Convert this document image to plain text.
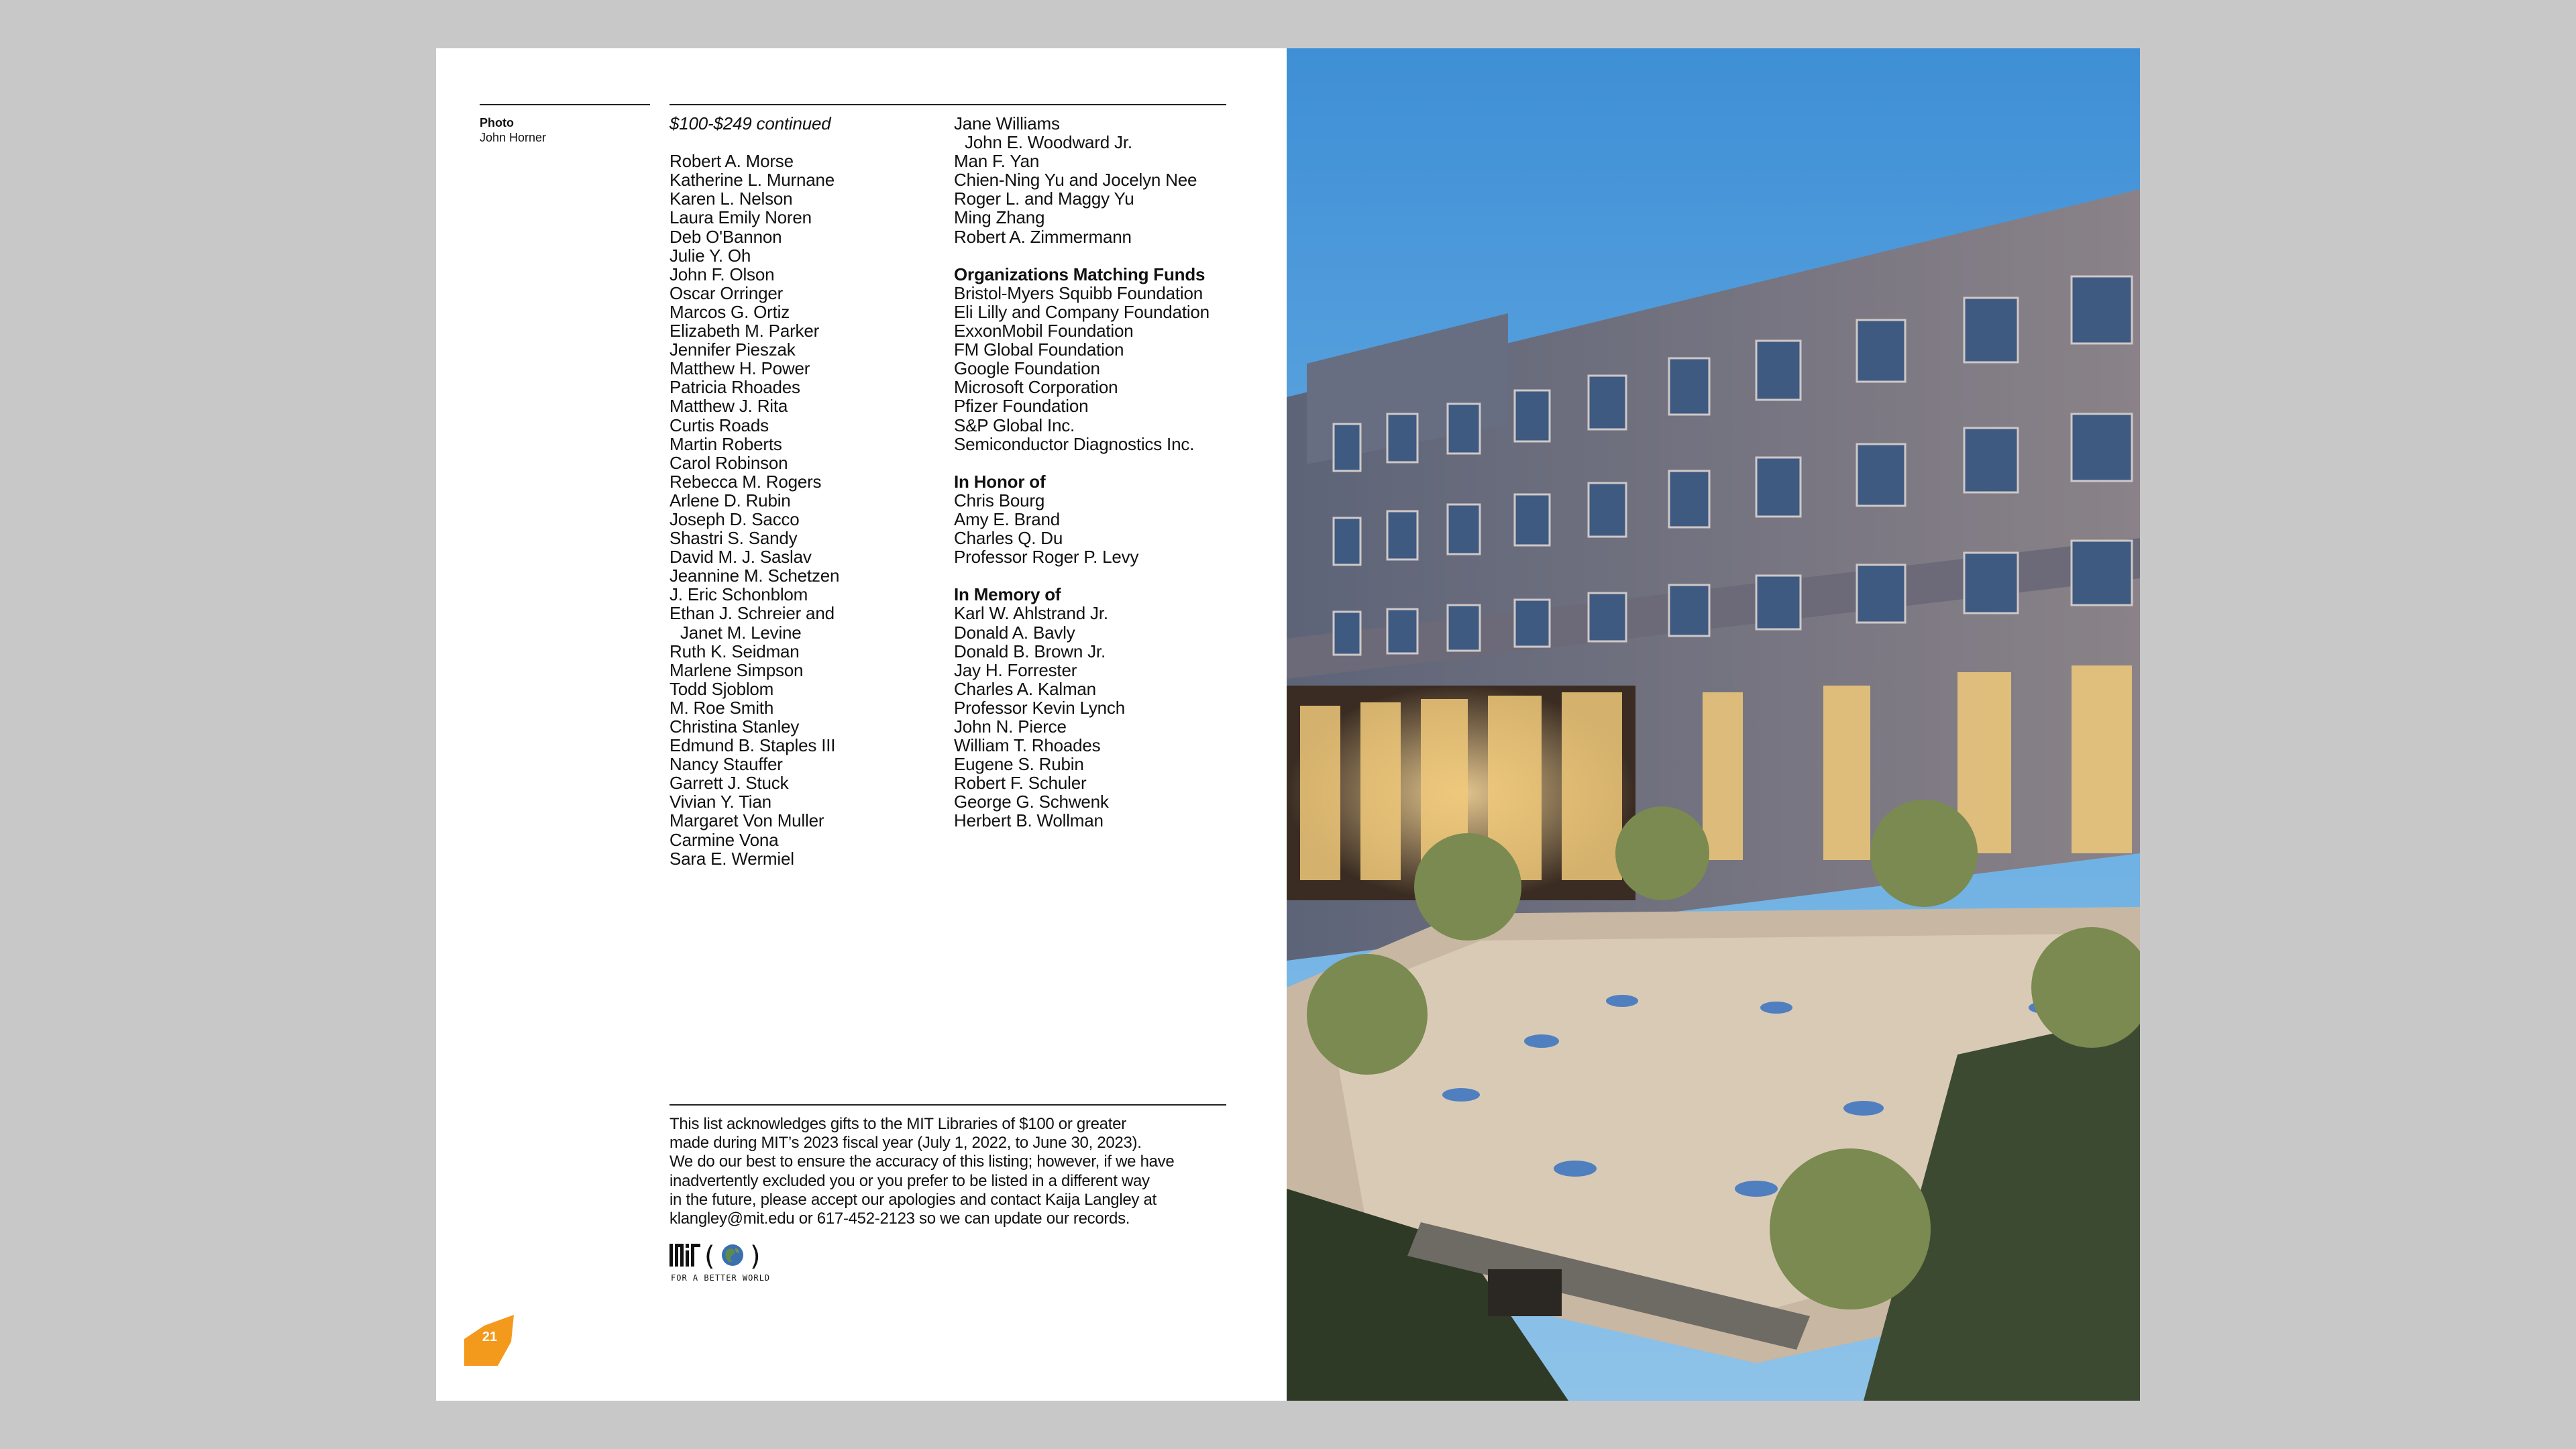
Photo
John Horner
$100-$249 continued
Robert A. Morse
Katherine L. Murnane
Karen L. Nelson
Laura Emily Noren
Deb O'Bannon
Julie Y. Oh
John F. Olson
Oscar Orringer
Marcos G. Ortiz
Elizabeth M. Parker
Jennifer Pieszak
Matthew H. Power
Patricia Rhoades
Matthew J. Rita
Curtis Roads
Martin Roberts
Carol Robinson
Rebecca M. Rogers
Arlene D. Rubin
Joseph D. Sacco
Shastri S. Sandy
David M. J. Saslav
Jeannine M. Schetzen
J. Eric Schonblom
Ethan J. Schreier and
Janet M. Levine
Ruth K. Seidman
Marlene Simpson
Todd Sjoblom
M. Roe Smith
Christina Stanley
Edmund B. Staples III
Nancy Stauffer
Garrett J. Stuck
Vivian Y. Tian
Margaret Von Muller
Carmine Vona
Sara E. Wermiel
Jane Williams
John E. Woodward Jr.
Man F. Yan
Chien-Ning Yu and Jocelyn Nee
Roger L. and Maggy Yu
Ming Zhang
Robert A. Zimmermann
Organizations Matching Funds
Bristol-Myers Squibb Foundation
Eli Lilly and Company Foundation
ExxonMobil Foundation
FM Global Foundation
Google Foundation
Microsoft Corporation
Pfizer Foundation
S&P Global Inc.
Semiconductor Diagnostics Inc.
In Honor of
Chris Bourg
Amy E. Brand
Charles Q. Du
Professor Roger P. Levy
In Memory of
Karl W. Ahlstrand Jr.
Donald A. Bavly
Donald B. Brown Jr.
Jay H. Forrester
Charles A. Kalman
Professor Kevin Lynch
John N. Pierce
William T. Rhoades
Eugene S. Rubin
Robert F. Schuler
George G. Schwenk
Herbert B. Wollman
This list acknowledges gifts to the MIT Libraries of $100 or greater
made during MIT’s 2023 fiscal year (July 1, 2022, to June 30, 2023).
We do our best to ensure the accuracy of this listing; however, if we have
inadvertently excluded you or you prefer to be listed in a different way
in the future, please accept our apologies and contact Kaija Langley at
klangley@mit.edu or 617-452-2123 so we can update our records.
( )
FOR A BETTER WORLD
21
